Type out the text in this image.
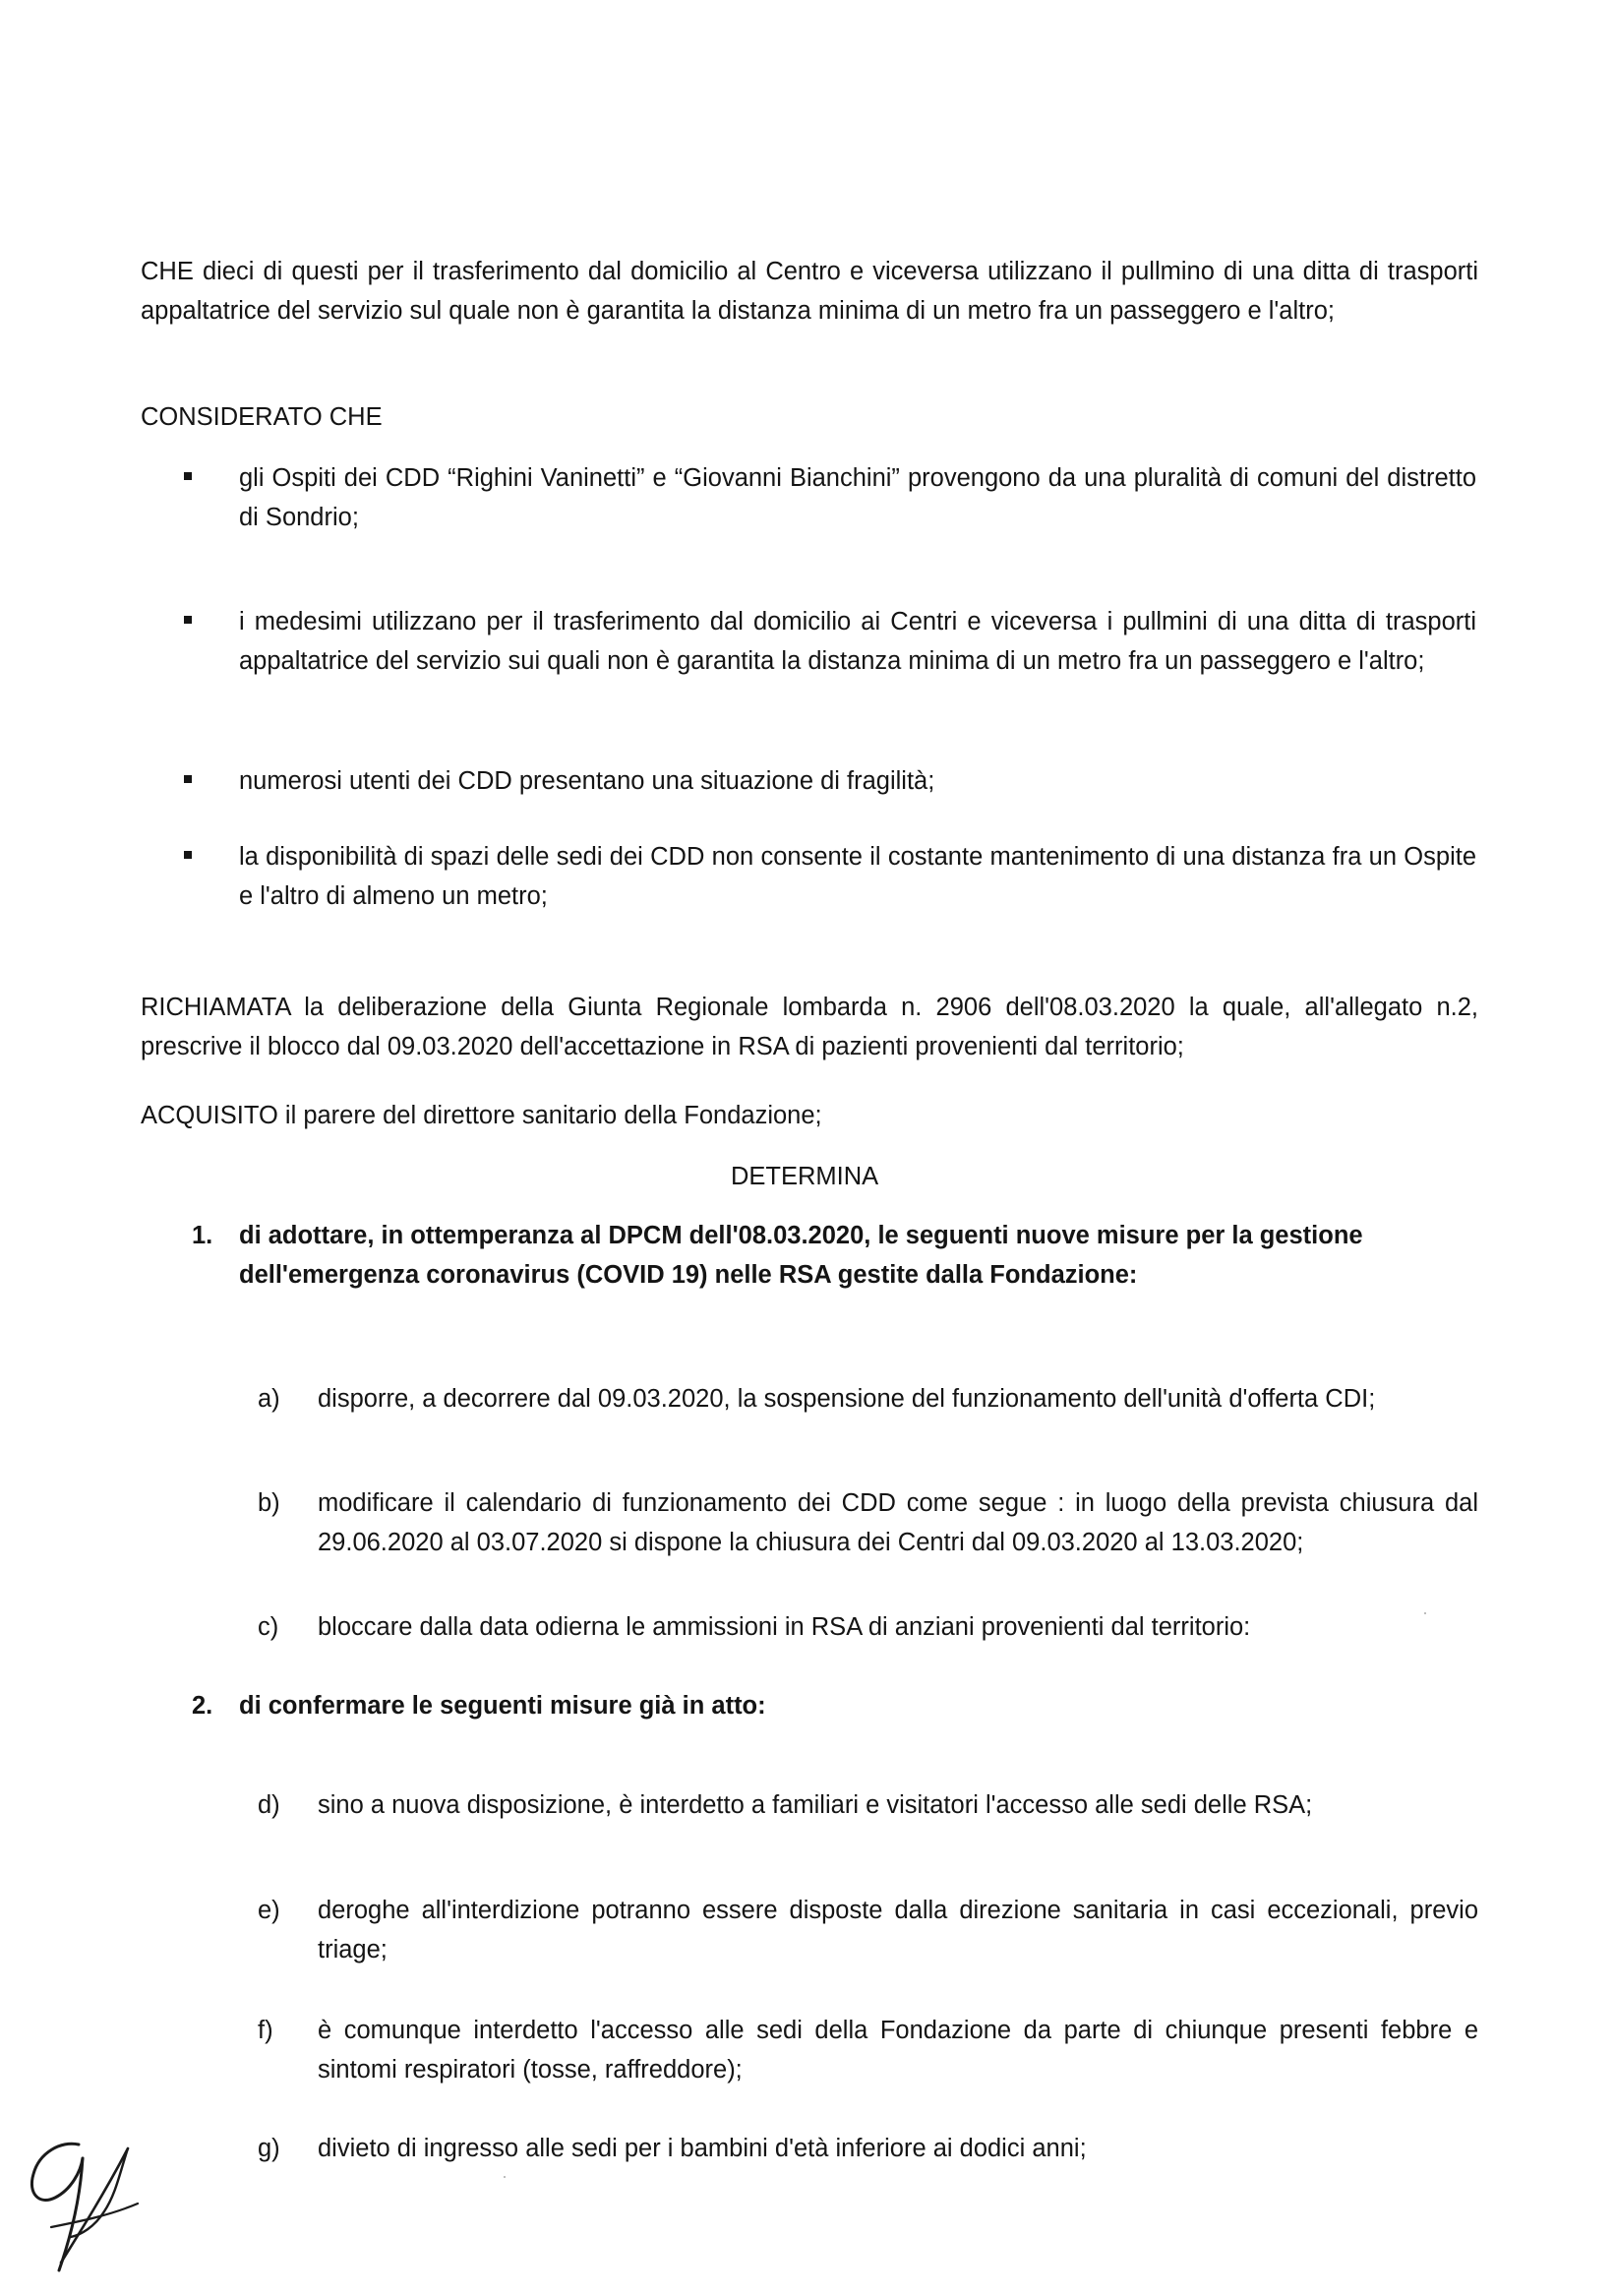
CHE dieci di questi per il trasferimento dal domicilio al Centro e viceversa utilizzano il pullmino di una ditta di trasporti appaltatrice del servizio sul quale non è garantita la distanza minima di un metro fra un passeggero e l'altro;

CONSIDERATO CHE

gli Ospiti dei CDD “Righini Vaninetti” e “Giovanni Bianchini” provengono da una pluralità di comuni del distretto di Sondrio;

i medesimi utilizzano per il trasferimento dal domicilio ai Centri e viceversa i pullmini di una ditta di trasporti appaltatrice del servizio sui quali non è garantita la distanza minima di un metro fra un passeggero e l'altro;

numerosi utenti dei CDD presentano una situazione di fragilità;

la disponibilità di spazi delle sedi dei CDD non consente il costante mantenimento di una distanza fra un Ospite e l'altro di almeno un metro;

RICHIAMATA la deliberazione della Giunta Regionale lombarda n. 2906 dell'08.03.2020 la quale, all'allegato n.2, prescrive il blocco dal 09.03.2020 dell'accettazione in RSA di pazienti provenienti dal territorio;

ACQUISITO il parere del direttore sanitario della Fondazione;

DETERMINA

1. di adottare, in ottemperanza al DPCM dell'08.03.2020, le seguenti nuove misure per la gestione dell'emergenza coronavirus (COVID 19) nelle RSA gestite dalla Fondazione:

a) disporre, a decorrere dal 09.03.2020, la sospensione del funzionamento dell'unità d'offerta CDI;

b) modificare il calendario di funzionamento dei CDD come segue : in luogo della prevista chiusura dal 29.06.2020 al 03.07.2020 si dispone la chiusura dei Centri dal 09.03.2020 al 13.03.2020;

c) bloccare dalla data odierna le ammissioni in RSA di anziani provenienti dal territorio:

2. di confermare le seguenti misure già in atto:

d) sino a nuova disposizione, è interdetto a familiari e visitatori l'accesso alle sedi delle RSA;

e) deroghe all'interdizione potranno essere disposte dalla direzione sanitaria in casi eccezionali, previo triage;

f) è comunque interdetto l'accesso alle sedi della Fondazione da parte di chiunque presenti febbre e sintomi respiratori (tosse, raffreddore);

g) divieto di ingresso alle sedi per i bambini d'età inferiore ai dodici anni;
